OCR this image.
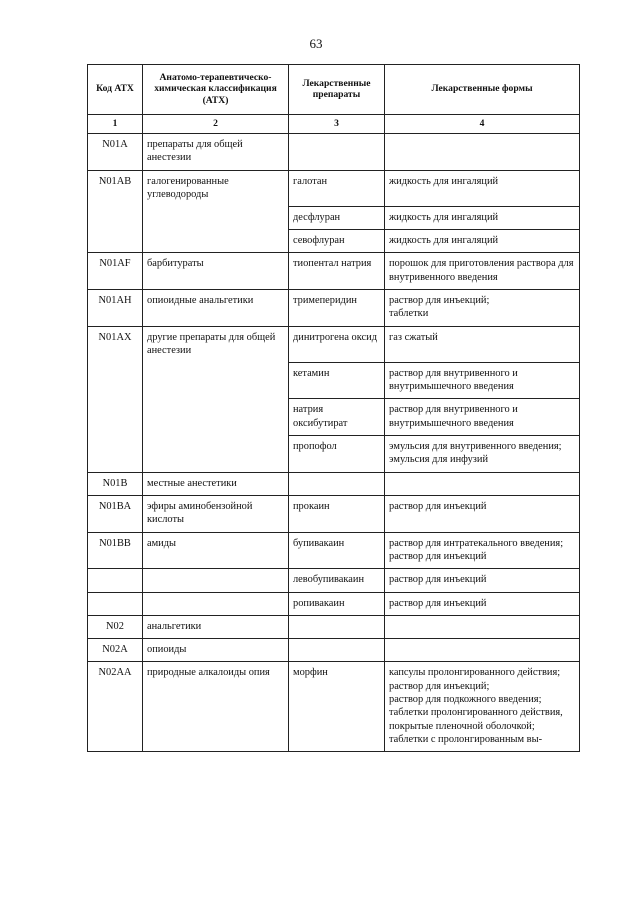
63
Код АТХ	Анатомо-терапевтическо-химическая классификация (АТХ)	Лекарственные препараты	Лекарственные формы
1	2	3	4
N01A	препараты для общей анестезии		
N01AB	галогенированные углеводороды	галотан	жидкость для ингаляций

		десфлуран	жидкость для ингаляций

		севофлуран	жидкость для ингаляций

N01AF	барбитураты	тиопентал натрия	порошок для приготовления раствора для внутривенного введения

N01AH	опиоидные анальгетики	тримеперидин	раствор для инъекций;
таблетки

N01AX	другие препараты для общей анестезии	динитрогена оксид	газ сжатый

		кетамин	раствор для внутривенного и внутримышечного введения

		натрия оксибутират	раствор для внутривенного и внутримышечного введения

		пропофол	эмульсия для внутривенного введения;
эмульсия для инфузий

N01B	местные анестетики		
N01BA	эфиры аминобензойной кислоты	прокаин	раствор для инъекций

N01BB	амиды	бупивакаин	раствор для интратекального введения;
раствор для инъекций

		левобупивакаин	раствор для инъекций

		ропивакаин	раствор для инъекций

N02	анальгетики		
N02A	опиоиды		
N02AA	природные алкалоиды опия	морфин	капсулы пролонгированного действия;
раствор для инъекций;
раствор для подкожного введения;
таблетки пролонгированного действия, покрытые пленочной оболочкой;
таблетки с пролонгированным вы-
